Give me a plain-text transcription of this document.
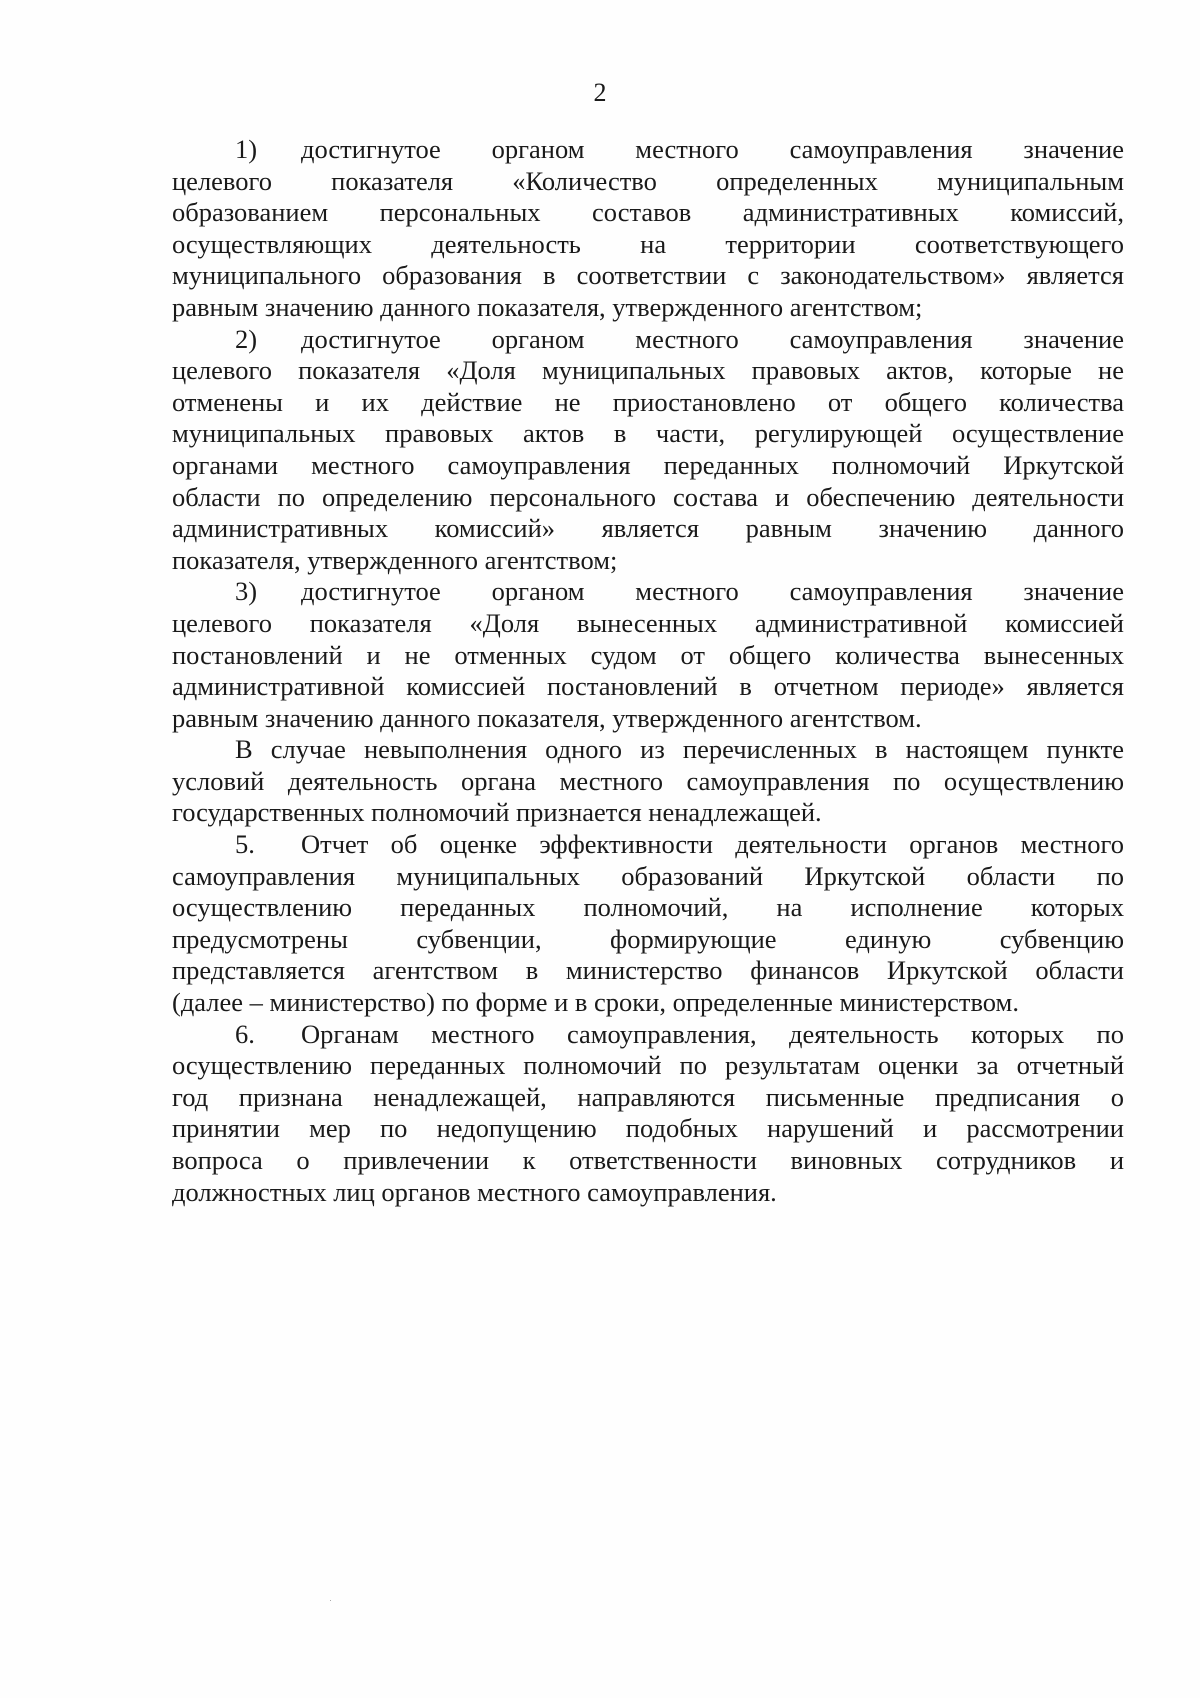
2
1) достигнутое органом местного самоуправления значение
целевого показателя «Количество определенных муниципальным
образованием персональных составов административных комиссий,
осуществляющих деятельность на территории соответствующего
муниципального образования в соответствии с законодательством» является
равным значению данного показателя, утвержденного агентством;
2) достигнутое органом местного самоуправления значение
целевого показателя «Доля муниципальных правовых актов, которые не
отменены и их действие не приостановлено от общего количества
муниципальных правовых актов в части, регулирующей осуществление
органами местного самоуправления переданных полномочий Иркутской
области по определению персонального состава и обеспечению деятельности
административных комиссий» является равным значению данного
показателя, утвержденного агентством;
3) достигнутое органом местного самоуправления значение
целевого показателя «Доля вынесенных административной комиссией
постановлений и не отменных судом от общего количества вынесенных
административной комиссией постановлений в отчетном периоде» является
равным значению данного показателя, утвержденного агентством.
В случае невыполнения одного из перечисленных в настоящем пункте
условий деятельность органа местного самоуправления по осуществлению
государственных полномочий признается ненадлежащей.
5. Отчет об оценке эффективности деятельности органов местного
самоуправления муниципальных образований Иркутской области по
осуществлению переданных полномочий, на исполнение которых
предусмотрены субвенции, формирующие единую субвенцию
представляется агентством в министерство финансов Иркутской области
(далее – министерство) по форме и в сроки, определенные министерством.
6. Органам местного самоуправления, деятельность которых по
осуществлению переданных полномочий по результатам оценки за отчетный
год признана ненадлежащей, направляются письменные предписания о
принятии мер по недопущению подобных нарушений и рассмотрении
вопроса о привлечении к ответственности виновных сотрудников и
должностных лиц органов местного самоуправления.
